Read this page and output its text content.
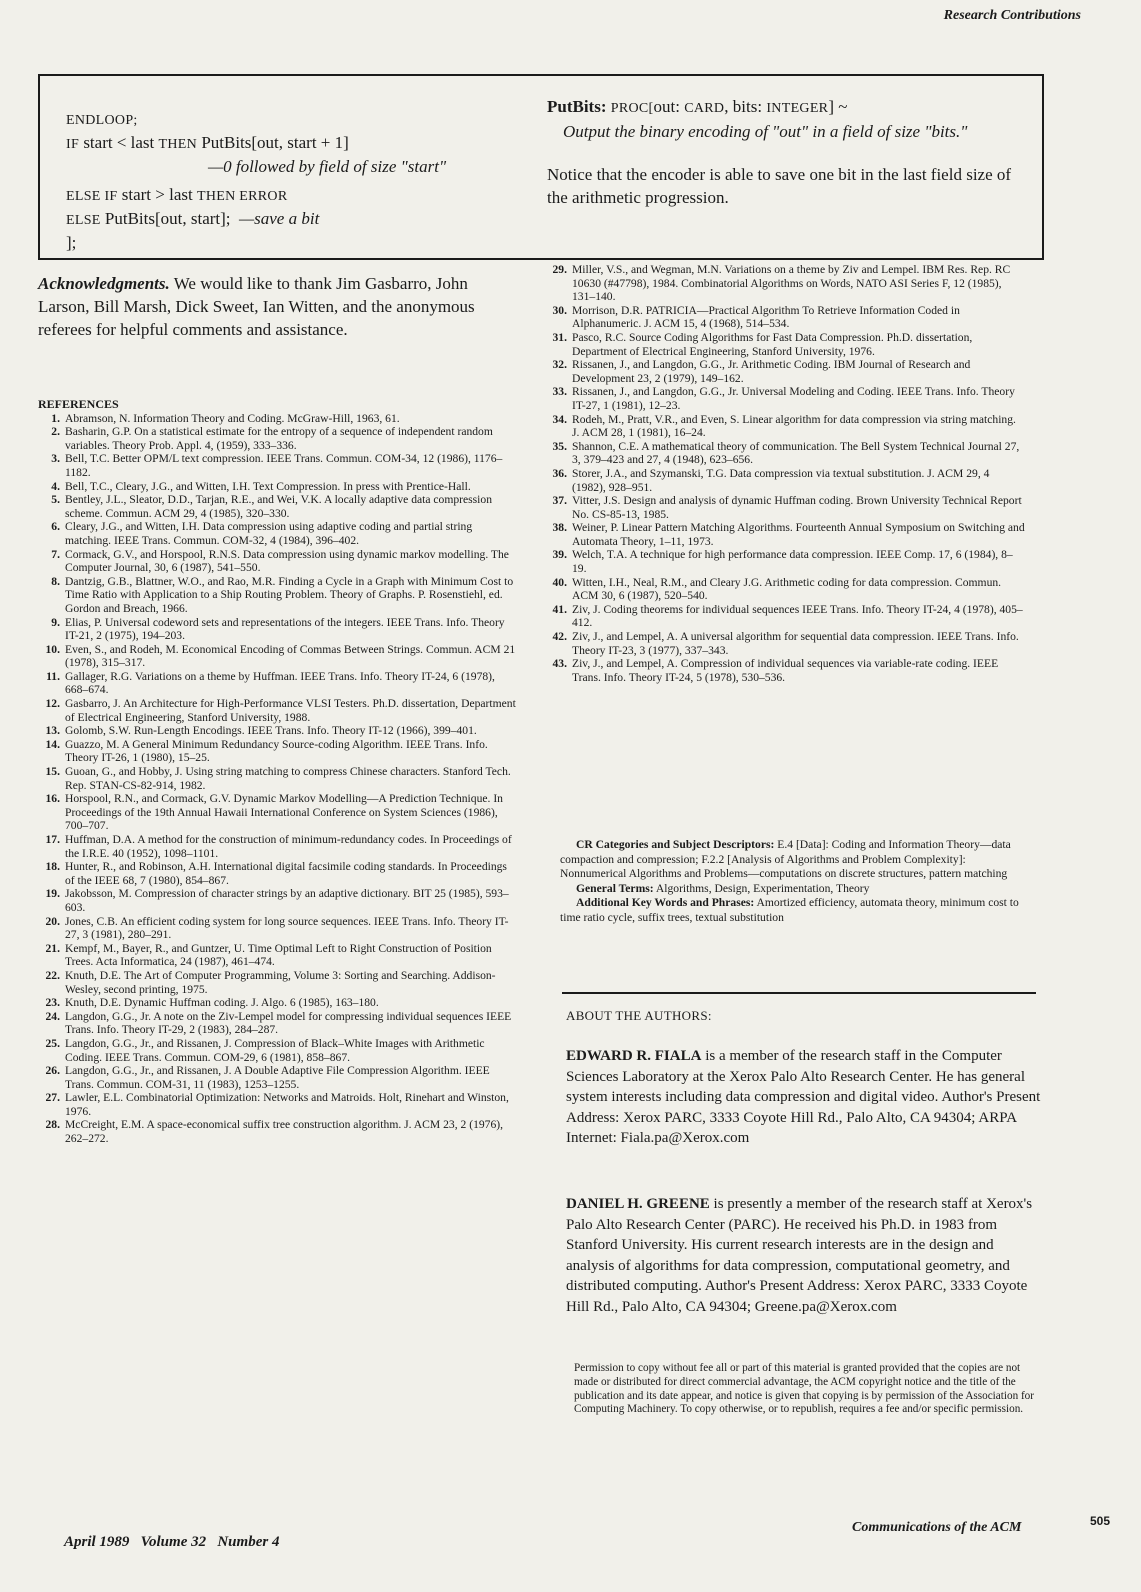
Research Contributions
ENDLOOP;
IF start < last THEN PutBits[out, start + 1]
—0 followed by field of size "start"
ELSE IF start > last THEN ERROR
ELSE PutBits[out, start]; —save a bit
];
PutBits: PROC[out: CARD, bits: INTEGER] ~
Output the binary encoding of "out" in a field of size "bits."
Notice that the encoder is able to save one bit in the last field size of the arithmetic progression.
Acknowledgments. We would like to thank Jim Gasbarro, John Larson, Bill Marsh, Dick Sweet, Ian Witten, and the anonymous referees for helpful comments and assistance.
REFERENCES
1. Abramson, N. Information Theory and Coding. McGraw-Hill, 1963, 61.
2. Basharin, G.P. On a statistical estimate for the entropy of a sequence of independent random variables. Theory Prob. Appl. 4, (1959), 333–336.
3. Bell, T.C. Better OPM/L text compression. IEEE Trans. Commun. COM-34, 12 (1986), 1176–1182.
4. Bell, T.C., Cleary, J.G., and Witten, I.H. Text Compression. In press with Prentice-Hall.
5. Bentley, J.L., Sleator, D.D., Tarjan, R.E., and Wei, V.K. A locally adaptive data compression scheme. Commun. ACM 29, 4 (1985), 320–330.
6. Cleary, J.G., and Witten, I.H. Data compression using adaptive coding and partial string matching. IEEE Trans. Commun. COM-32, 4 (1984), 396–402.
7. Cormack, G.V., and Horspool, R.N.S. Data compression using dynamic markov modelling. The Computer Journal, 30, 6 (1987), 541–550.
8. Dantzig, G.B., Blattner, W.O., and Rao, M.R. Finding a Cycle in a Graph with Minimum Cost to Time Ratio with Application to a Ship Routing Problem. Theory of Graphs. P. Rosenstiehl, ed. Gordon and Breach, 1966.
9. Elias, P. Universal codeword sets and representations of the integers. IEEE Trans. Info. Theory IT-21, 2 (1975), 194–203.
10. Even, S., and Rodeh, M. Economical Encoding of Commas Between Strings. Commun. ACM 21 (1978), 315–317.
11. Gallager, R.G. Variations on a theme by Huffman. IEEE Trans. Info. Theory IT-24, 6 (1978), 668–674.
12. Gasbarro, J. An Architecture for High-Performance VLSI Testers. Ph.D. dissertation, Department of Electrical Engineering, Stanford University, 1988.
13. Golomb, S.W. Run-Length Encodings. IEEE Trans. Info. Theory IT-12 (1966), 399–401.
14. Guazzo, M. A General Minimum Redundancy Source-coding Algorithm. IEEE Trans. Info. Theory IT-26, 1 (1980), 15–25.
15. Guoan, G., and Hobby, J. Using string matching to compress Chinese characters. Stanford Tech. Rep. STAN-CS-82-914, 1982.
16. Horspool, R.N., and Cormack, G.V. Dynamic Markov Modelling—A Prediction Technique. In Proceedings of the 19th Annual Hawaii International Conference on System Sciences (1986), 700–707.
17. Huffman, D.A. A method for the construction of minimum-redundancy codes. In Proceedings of the I.R.E. 40 (1952), 1098–1101.
18. Hunter, R., and Robinson, A.H. International digital facsimile coding standards. In Proceedings of the IEEE 68, 7 (1980), 854–867.
19. Jakobsson, M. Compression of character strings by an adaptive dictionary. BIT 25 (1985), 593–603.
20. Jones, C.B. An efficient coding system for long source sequences. IEEE Trans. Info. Theory IT-27, 3 (1981), 280–291.
21. Kempf, M., Bayer, R., and Guntzer, U. Time Optimal Left to Right Construction of Position Trees. Acta Informatica, 24 (1987), 461–474.
22. Knuth, D.E. The Art of Computer Programming, Volume 3: Sorting and Searching. Addison-Wesley, second printing, 1975.
23. Knuth, D.E. Dynamic Huffman coding. J. Algo. 6 (1985), 163–180.
24. Langdon, G.G., Jr. A note on the Ziv-Lempel model for compressing individual sequences IEEE Trans. Info. Theory IT-29, 2 (1983), 284–287.
25. Langdon, G.G., Jr., and Rissanen, J. Compression of Black–White Images with Arithmetic Coding. IEEE Trans. Commun. COM-29, 6 (1981), 858–867.
26. Langdon, G.G., Jr., and Rissanen, J. A Double Adaptive File Compression Algorithm. IEEE Trans. Commun. COM-31, 11 (1983), 1253–1255.
27. Lawler, E.L. Combinatorial Optimization: Networks and Matroids. Holt, Rinehart and Winston, 1976.
28. McCreight, E.M. A space-economical suffix tree construction algorithm. J. ACM 23, 2 (1976), 262–272.
29. Miller, V.S., and Wegman, M.N. Variations on a theme by Ziv and Lempel. IBM Res. Rep. RC 10630 (#47798), 1984. Combinatorial Algorithms on Words, NATO ASI Series F, 12 (1985), 131–140.
30. Morrison, D.R. PATRICIA—Practical Algorithm To Retrieve Information Coded in Alphanumeric. J. ACM 15, 4 (1968), 514–534.
31. Pasco, R.C. Source Coding Algorithms for Fast Data Compression. Ph.D. dissertation, Department of Electrical Engineering, Stanford University, 1976.
32. Rissanen, J., and Langdon, G.G., Jr. Arithmetic Coding. IBM Journal of Research and Development 23, 2 (1979), 149–162.
33. Rissanen, J., and Langdon, G.G., Jr. Universal Modeling and Coding. IEEE Trans. Info. Theory IT-27, 1 (1981), 12–23.
34. Rodeh, M., Pratt, V.R., and Even, S. Linear algorithm for data compression via string matching. J. ACM 28, 1 (1981), 16–24.
35. Shannon, C.E. A mathematical theory of communication. The Bell System Technical Journal 27, 3, 379–423 and 27, 4 (1948), 623–656.
36. Storer, J.A., and Szymanski, T.G. Data compression via textual substitution. J. ACM 29, 4 (1982), 928–951.
37. Vitter, J.S. Design and analysis of dynamic Huffman coding. Brown University Technical Report No. CS-85-13, 1985.
38. Weiner, P. Linear Pattern Matching Algorithms. Fourteenth Annual Symposium on Switching and Automata Theory, 1–11, 1973.
39. Welch, T.A. A technique for high performance data compression. IEEE Comp. 17, 6 (1984), 8–19.
40. Witten, I.H., Neal, R.M., and Cleary J.G. Arithmetic coding for data compression. Commun. ACM 30, 6 (1987), 520–540.
41. Ziv, J. Coding theorems for individual sequences IEEE Trans. Info. Theory IT-24, 4 (1978), 405–412.
42. Ziv, J., and Lempel, A. A universal algorithm for sequential data compression. IEEE Trans. Info. Theory IT-23, 3 (1977), 337–343.
43. Ziv, J., and Lempel, A. Compression of individual sequences via variable-rate coding. IEEE Trans. Info. Theory IT-24, 5 (1978), 530–536.

CR Categories and Subject Descriptors: E.4 [Data]: Coding and Information Theory—data compaction and compression; F.2.2 [Analysis of Algorithms and Problem Complexity]: Nonnumerical Algorithms and Problems—computations on discrete structures, pattern matching

General Terms: Algorithms, Design, Experimentation, Theory

Additional Key Words and Phrases: Amortized efficiency, automata theory, minimum cost to time ratio cycle, suffix trees, textual substitution

ABOUT THE AUTHORS:
EDWARD R. FIALA is a member of the research staff in the Computer Sciences Laboratory at the Xerox Palo Alto Research Center. He has general system interests including data compression and digital video. Author's Present Address: Xerox PARC, 3333 Coyote Hill Rd., Palo Alto, CA 94304; ARPA Internet: Fiala.pa@Xerox.com
DANIEL H. GREENE is presently a member of the research staff at Xerox's Palo Alto Research Center (PARC). He received his Ph.D. in 1983 from Stanford University. His current research interests are in the design and analysis of algorithms for data compression, computational geometry, and distributed computing. Author's Present Address: Xerox PARC, 3333 Coyote Hill Rd., Palo Alto, CA 94304; Greene.pa@Xerox.com
Permission to copy without fee all or part of this material is granted provided that the copies are not made or distributed for direct commercial advantage, the ACM copyright notice and the title of the publication and its date appear, and notice is given that copying is by permission of the Association for Computing Machinery. To copy otherwise, or to republish, requires a fee and/or specific permission.
April 1989   Volume 32   Number 4
Communications of the ACM	505
